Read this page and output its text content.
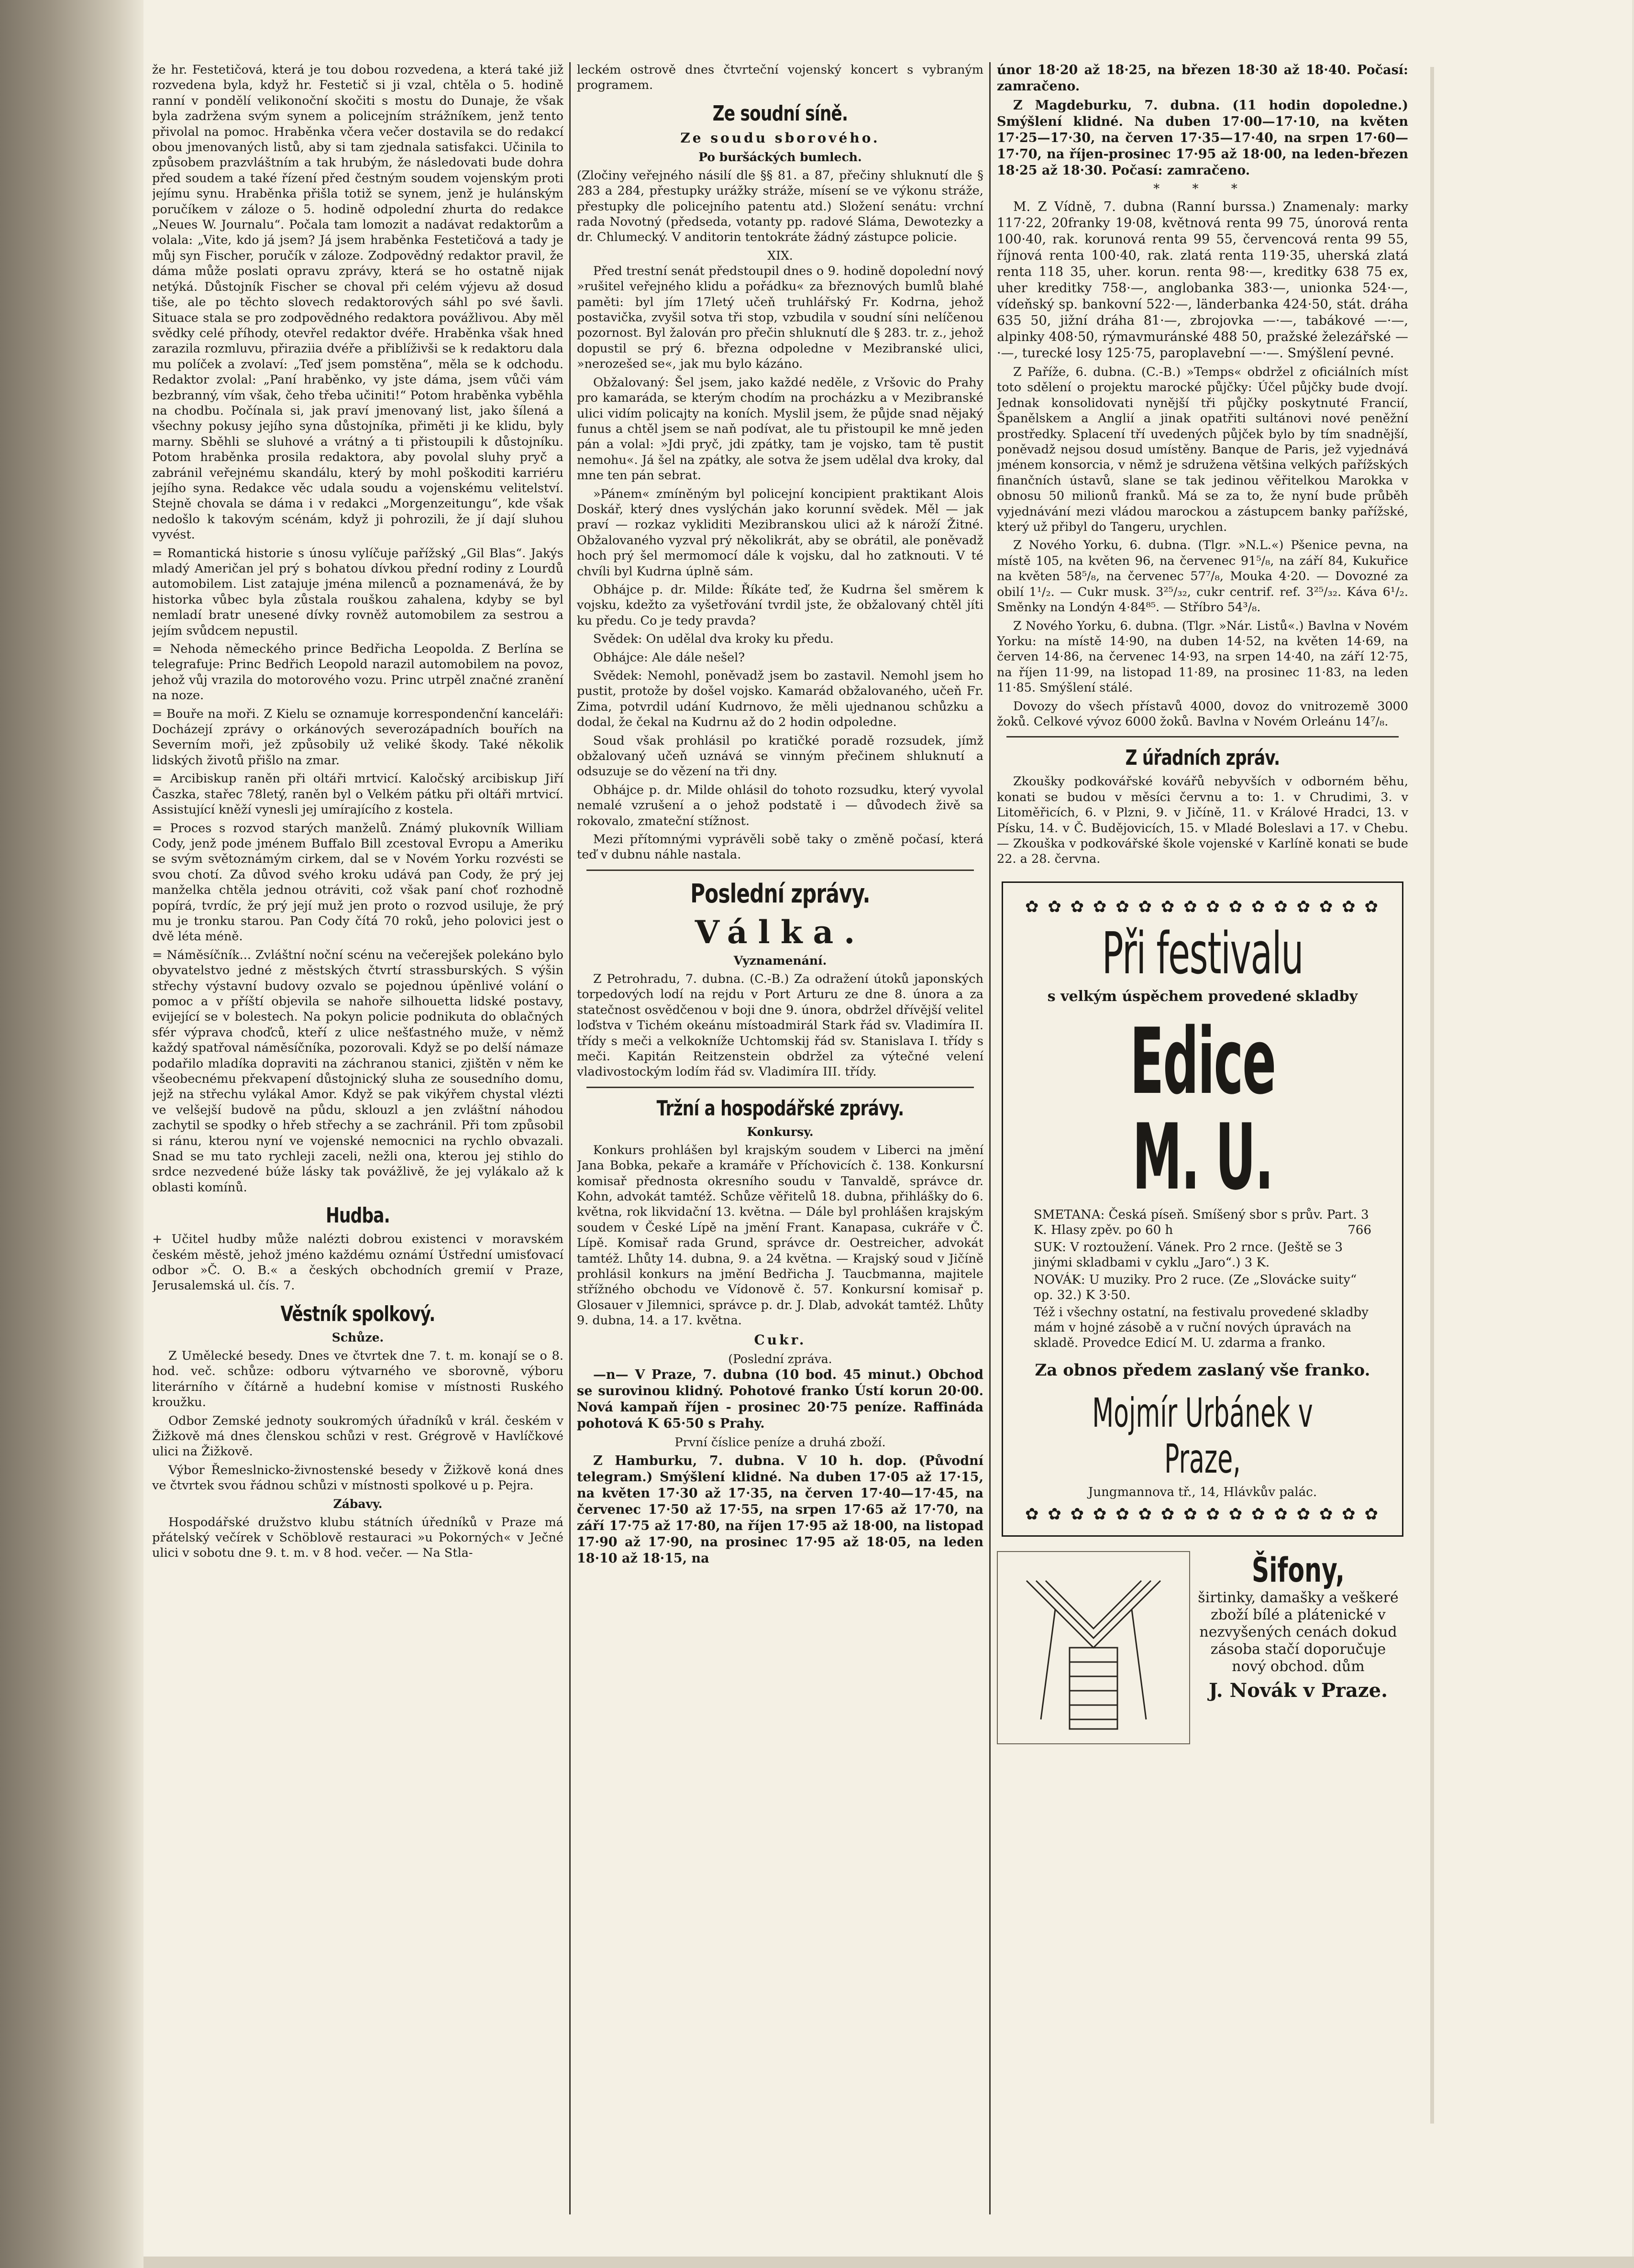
že hr. Festetičová, která je tou dobou rozvedena, a která také již rozvedena byla, když hr. Festetič si ji vzal, chtěla o 5. hodině ranní v pondělí velikonoční skočiti s mostu do Dunaje, že však byla zadržena svým synem a policejním strážníkem, jenž tento přivolal na pomoc. Hraběnka včera večer dostavila se do redakcí obou jmenovaných listů, aby si tam zjednala satisfakci. Učinila to způsobem prazvláštním a tak hrubým, že následovati bude dohra před soudem a také řízení před čestným soudem vojenským proti jejímu synu. Hraběnka přišla totiž se synem, jenž je hulánským poručíkem v záloze o 5. hodině odpolední zhurta do redakce „Neues W. Journalu“. Počala tam lomozit a nadávat redaktorům a volala: „Vite, kdo já jsem? Já jsem hraběnka Festetičová a tady je můj syn Fischer, poručík v záloze. Zodpovědný redaktor pravil, že dáma může poslati opravu zprávy, která se ho ostatně nijak netýká. Důstojník Fischer se choval při celém výjevu až dosud tiše, ale po těchto slovech redaktorových sáhl po své šavli. Situace stala se pro zodpovědného redaktora povážlivou. Aby měl svědky celé příhody, otevřel redaktor dvéře. Hraběnka však hned zarazila rozmluvu, přiraziia dvéře a přiblíživši se k redaktoru dala mu políček a zvolaví: „Teď jsem pomstěna“, měla se k odchodu. Redaktor zvolal: „Paní hraběnko, vy jste dáma, jsem vůči vám bezbranný, vím však, čeho třeba učiniti!“ Potom hraběnka vyběhla na chodbu. Počínala si, jak praví jmenovaný list, jako šílená a všechny pokusy jejího syna důstojníka, přiměti ji ke klidu, byly marny. Sběhli se sluhové a vrátný a ti přistoupili k důstojníku. Potom hraběnka prosila redaktora, aby povolal sluhy pryč a zabránil veřejnému skandálu, který by mohl poškoditi karriéru jejího syna. Redakce věc udala soudu a vojenskému velitelství. Stejně chovala se dáma i v redakci „Morgenzeitungu“, kde však nedošlo k takovým scénám, když ji pohrozili, že jí dají sluhou vyvést.

= Romantická historie s únosu vylíčuje pařížský „Gil Blas“. Jakýs mladý Američan jel prý s bohatou dívkou přední rodiny z Lourdů automobilem. List zatajuje jména milenců a poznamenává, že by historka vůbec byla zůstala rouškou zahalena, kdyby se byl nemladí bratr unesené dívky rovněž automobilem za sestrou a jejím svůdcem nepustil.

= Nehoda německého prince Bedřicha Leopolda. Z Berlína se telegrafuje: Princ Bedřich Leopold narazil automobilem na povoz, jehož vůj vrazila do motorového vozu. Princ utrpěl značné zranění na noze.

= Bouře na moři. Z Kielu se oznamuje korrespondenční kanceláři: Docházejí zprávy o orkánových severozápadních bouřích na Severním moři, jež způsobily už veliké škody. Také několik lidských životů přišlo na zmar.

= Arcibiskup raněn při oltáři mrtvicí. Kaločský arcibiskup Jiří Časzka, stařec 78letý, raněn byl o Velkém pátku při oltáři mrtvicí. Assistující kněží vynesli jej umírajícího z kostela.

= Proces s rozvod starých manželů. Známý plukovník William Cody, jenž pode jménem Buffalo Bill zcestoval Evropu a Ameriku se svým světoznámým cirkem, dal se v Novém Yorku rozvésti se svou chotí. Za důvod svého kroku udává pan Cody, že prý jej manželka chtěla jednou otráviti, což však paní choť rozhodně popírá, tvrdíc, že prý její muž jen proto o rozvod usiluje, že prý mu je tronku starou. Pan Cody čítá 70 roků, jeho polovici jest o dvě léta méně.

= Náměsíčník... Zvláštní noční scénu na večerejšek polekáno bylo obyvatelstvo jedné z městských čtvrtí strassburských. S výšin střechy výstavní budovy ozvalo se pojednou úpěnlivé volání o pomoc a v příští objevila se nahoře silhouetta lidské postavy, evijející se v bolestech. Na pokyn policie podnikuta do oblačných sfér výprava choďců, kteří z ulice nešťastného muže, v němž každý spatřoval náměsíčníka, pozorovali. Když se po delší námaze podařilo mladíka dopraviti na záchranou stanici, zjištěn v něm ke všeobecnému překvapení důstojnický sluha ze sousedního domu, jejž na střechu vylákal Amor. Když se pak vikýřem chystal vlézti ve velšejší budově na půdu, sklouzl a jen zvláštní náhodou zachytil se spodky o hřeb střechy a se zachránil. Při tom způsobil si ránu, kterou nyní ve vojenské nemocnici na rychlo obvazali. Snad se mu tato rychleji zaceli, nežli ona, kterou jej stihlo do srdce nezvedené búže lásky tak povážlivě, že jej vylákalo až k oblasti komínů.

Hudba.

+ Učitel hudby může nalézti dobrou existenci v moravském českém městě, jehož jméno každému oznámí Ústřední umisťovací odbor »Č. O. B.« a českých obchodních gremií v Praze, Jerusalemská ul. čís. 7.

Věstník spolkový.
Schůze.

Z Umělecké besedy. Dnes ve čtvrtek dne 7. t. m. konají se o 8. hod. več. schůze: odboru výtvarného ve sborovně, výboru literárního v čítárně a hudební komise v místnosti Ruského kroužku.

Odbor Zemské jednoty soukromých úřadníků v král. českém v Žižkově má dnes členskou schůzi v rest. Grégrově v Havlíčkové ulici na Žižkově.

Výbor Řemeslnicko-živnostenské besedy v Žižkově koná dnes ve čtvrtek svou řádnou schůzi v místnosti spolkové u p. Pejra.

Zábavy.

Hospodářské družstvo klubu státních úředníků v Praze má přátelský večírek v Schöblově restauraci »u Pokorných« v Ječné ulici v sobotu dne 9. t. m. v 8 hod. večer. — Na Stla-

leckém ostrově dnes čtvrteční vojenský koncert s vybraným programem.

Ze soudní síně.
Ze soudu sborového.
Po buršáckých bumlech.

(Zločiny veřejného násilí dle §§ 81. a 87, přečiny shluknutí dle § 283 a 284, přestupky urážky stráže, mísení se ve výkonu stráže, přestupky dle policejního patentu atd.) Složení senátu: vrchní rada Novotný (předseda, votanty pp. radové Sláma, Dewotezky a dr. Chlumecký. V anditorin tentokráte žádný zástupce policie.

XIX.

Před trestní senát předstoupil dnes o 9. hodině dopolední nový »rušitel veřejného klidu a pořádku« za březnových bumlů blahé paměti: byl jím 17letý učeň truhlářský Fr. Kodrna, jehož postavička, zvyšil sotva tři stop, vzbudila v soudní síni nelíčenou pozornost. Byl žalován pro přečin shluknutí dle § 283. tr. z., jehož dopustil se prý 6. března odpoledne v Mezibranské ulici, »nerozešed se«, jak mu bylo kázáno.

Obžalovaný: Šel jsem, jako každé neděle, z Vršovic do Prahy pro kamaráda, se kterým chodím na procházku a v Mezibranské ulici vidím policajty na koních. Myslil jsem, že půjde snad nějaký funus a chtěl jsem se naň podívat, ale tu přistoupil ke mně jeden pán a volal: »Jdi pryč, jdi zpátky, tam je vojsko, tam tě pustit nemohu«. Já šel na zpátky, ale sotva že jsem udělal dva kroky, dal mne ten pán sebrat.

»Pánem« zmíněným byl policejní koncipient praktikant Alois Doskář, který dnes vyslýchán jako korunní svědek. Měl — jak praví — rozkaz vykliditi Mezibranskou ulici až k nároží Žitné. Obžalovaného vyzval prý několikrát, aby se obrátil, ale poněvadž hoch prý šel mermomocí dále k vojsku, dal ho zatknouti. V té chvíli byl Kudrna úplně sám.

Obhájce p. dr. Milde: Říkáte teď, že Kudrna šel směrem k vojsku, kdežto za vyšetřování tvrdil jste, že obžalovaný chtěl jíti ku předu. Co je tedy pravda?

Svědek: On udělal dva kroky ku předu.

Obhájce: Ale dále nešel?

Svědek: Nemohl, poněvadž jsem bo zastavil. Nemohl jsem ho pustit, protože by došel vojsko. Kamarád obžalovaného, učeň Fr. Zima, potvrdil udání Kudrnovo, že měli ujednanou schůzku a dodal, že čekal na Kudrnu až do 2 hodin odpoledne.

Soud však prohlásil po kratičké poradě rozsudek, jímž obžalovaný učeň uznává se vinným přečinem shluknutí a odsuzuje se do vězení na tři dny.

Obhájce p. dr. Milde ohlásil do tohoto rozsudku, který vyvolal nemalé vzrušení a o jehož podstatě i — důvodech živě sa rokovalo, zmateční stížnost.

Mezi přítomnými vyprávěli sobě taky o změně počasí, která teď v dubnu náhle nastala.

Poslední zprávy.
Válka.
Vyznamenání.

Z Petrohradu, 7. dubna. (C.-B.) Za odražení útoků japonských torpedových lodí na rejdu v Port Arturu ze dne 8. února a za statečnost osvědčenou v boji dne 9. února, obdržel dřívější velitel loďstva v Tichém okeánu místoadmirál Stark řád sv. Vladimíra II. třídy s meči a velkokníže Uchtomskij řád sv. Stanislava I. třídy s meči. Kapitán Reitzenstein obdržel za výtečné velení vladivostockým lodím řád sv. Vladimíra III. třídy.

Tržní a hospodářské zprávy.
Konkursy.

Konkurs prohlášen byl krajským soudem v Liberci na jmění Jana Bobka, pekaře a kramáře v Příchovicích č. 138. Konkursní komisař přednosta okresního soudu v Tanvaldě, správce dr. Kohn, advokát tamtéž. Schůze věřitelů 18. dubna, přihlášky do 6. května, rok likvidační 13. května. — Dále byl prohlášen krajským soudem v České Lípě na jmění Frant. Kanapasa, cukráře v Č. Lípě. Komisař rada Grund, správce dr. Oestreicher, advokát tamtéž. Lhůty 14. dubna, 9. a 24 května. — Krajský soud v Jičíně prohlásil konkurs na jmění Bedřicha J. Taucbmanna, majitele střížného obchodu ve Vídonově č. 57. Konkursní komisař p. Glosauer v Jilemnici, správce p. dr. J. Dlab, advokát tamtéž. Lhůty 9. dubna, 14. a 17. května.

Cukr.
(Poslední zpráva.

—n— V Praze, 7. dubna (10 bod. 45 minut.) Obchod se surovinou klidný. Pohotové franko Ústí korun 20·00. Nová kampaň říjen - prosinec 20·75 peníze. Raffináda pohotová K 65·50 s Prahy.

První číslice peníze a druhá zboží.

Z Hamburku, 7. dubna. V 10 h. dop. (Původní telegram.) Smýšlení klidné. Na duben 17·05 až 17·15, na květen 17·30 až 17·35, na červen 17·40—17·45, na červenec 17·50 až 17·55, na srpen 17·65 až 17·70, na září 17·75 až 17·80, na říjen 17·95 až 18·00, na listopad 17·90 až 17·90, na prosinec 17·95 až 18·05, na leden 18·10 až 18·15, na

únor 18·20 až 18·25, na březen 18·30 až 18·40. Počasí: zamračeno.

Z Magdeburku, 7. dubna. (11 hodin dopoledne.) Smýšlení klidné. Na duben 17·00—17·10, na květen 17·25—17·30, na červen 17·35—17·40, na srpen 17·60—17·70, na říjen-prosinec 17·95 až 18·00, na leden-březen 18·25 až 18·30. Počasí: zamračeno.

* * *

M. Z Vídně, 7. dubna (Ranní burssa.) Znamenaly: marky 117·22, 20franky 19·08, květnová renta 99 75, únorová renta 100·40, rak. korunová renta 99 55, červencová renta 99 55, říjnová renta 100·40, rak. zlatá renta 119·35, uherská zlatá renta 118 35, uher. korun. renta 98·—, kreditky 638 75 ex, uher kreditky 758·—, anglobanka 383·—, unionka 524·—, vídeňský sp. bankovní 522·—, länderbanka 424·50, stát. dráha 635 50, jižní dráha 81·—, zbrojovka —·—, tabákové —·—, alpinky 408·50, rýmavmuránské 488 50, pražské železářské —·—, turecké losy 125·75, paroplavební —·—. Smýšlení pevné.

Z Paříže, 6. dubna. (C.-B.) »Temps« obdržel z oficiálních míst toto sdělení o projektu marocké půjčky: Účel půjčky bude dvojí. Jednak konsolidovati nynější tři půjčky poskytnuté Francií, Španělskem a Anglií a jinak opatřiti sultánovi nové peněžní prostředky. Splacení tří uvedených půjček bylo by tím snadnější, poněvadž nejsou dosud umístěny. Banque de Paris, jež vyjednává jménem konsorcia, v němž je sdružena většina velkých pařížských finančních ústavů, slane se tak jedinou věřitelkou Marokka v obnosu 50 milionů franků. Má se za to, že nyní bude průběh vyjednávání mezi vládou marockou a zástupcem banky pařížské, který už přibyl do Tangeru, urychlen.

Z Nového Yorku, 6. dubna. (Tlgr. »N.L.«) Pšenice pevna, na místě 105, na květen 96, na červenec 91⁵/₈, na září 84, Kukuřice na květen 58⁵/₈, na červenec 57⁷/₈, Mouka 4·20. — Dovozné za obilí 1¹/₂. — Cukr musk. 3²⁵/₃₂, cukr centrif. ref. 3²⁵/₃₂. Káva 6¹/₂. Směnky na Londýn 4·84⁸⁵. — Stříbro 54³/₈.

Z Nového Yorku, 6. dubna. (Tlgr. »Nár. Listů«.) Bavlna v Novém Yorku: na místě 14·90, na duben 14·52, na květen 14·69, na červen 14·86, na červenec 14·93, na srpen 14·40, na září 12·75, na říjen 11·99, na listopad 11·89, na prosinec 11·83, na leden 11·85. Smýšlení stálé.

Dovozy do všech přístavů 4000, dovoz do vnitrozemě 3000 žoků. Celkové vývoz 6000 žoků. Bavlna v Novém Orleánu 14⁷/₈.

Z úřadních zpráv.

Zkoušky podkovářské kovářů nebyvších v odborném běhu, konati se budou v měsíci červnu a to: 1. v Chrudimi, 3. v Litoměřicích, 6. v Plzni, 9. v Jičíně, 11. v Králové Hradci, 13. v Písku, 14. v Č. Budějovicích, 15. v Mladé Boleslavi a 17. v Chebu. — Zkouška v podkovářské škole vojenské v Karlíně konati se bude 22. a 28. června.

✿ ✿ ✿ ✿ ✿ ✿ ✿ ✿ ✿ ✿ ✿ ✿ ✿ ✿ ✿ ✿
Při festivalu
s velkým úspěchem provedené skladby
Edice M. U.
SMETANA: Česká píseň. Smíšený sbor s prův. Part. 3 K. Hlasy zpěv. po 60 h	766
SUK: V roztoužení. Vánek. Pro 2 rnce. (Ještě se 3 jinými skladbami v cyklu „Jaro“.) 3 K.
NOVÁK: U muziky. Pro 2 ruce. (Ze „Slovácke suity“ op. 32.) K 3·50.
Též i všechny ostatní, na festivalu provedené skladby mám v hojné zásobě a v ruční nových úpravách na skladě. Provedce Edicí M. U. zdarma a franko.
Za obnos předem zaslaný vše franko.
Mojmír Urbánek v Praze,
Jungmannova tř., 14, Hlávkův palác.
✿ ✿ ✿ ✿ ✿ ✿ ✿ ✿ ✿ ✿ ✿ ✿ ✿ ✿ ✿ ✿
Šifony,
širtinky, damašky a veškeré zboží bílé a plátenické v nezvyšených cenách dokud zásoba stačí doporučuje nový obchod. dům
J. Novák v Praze.
